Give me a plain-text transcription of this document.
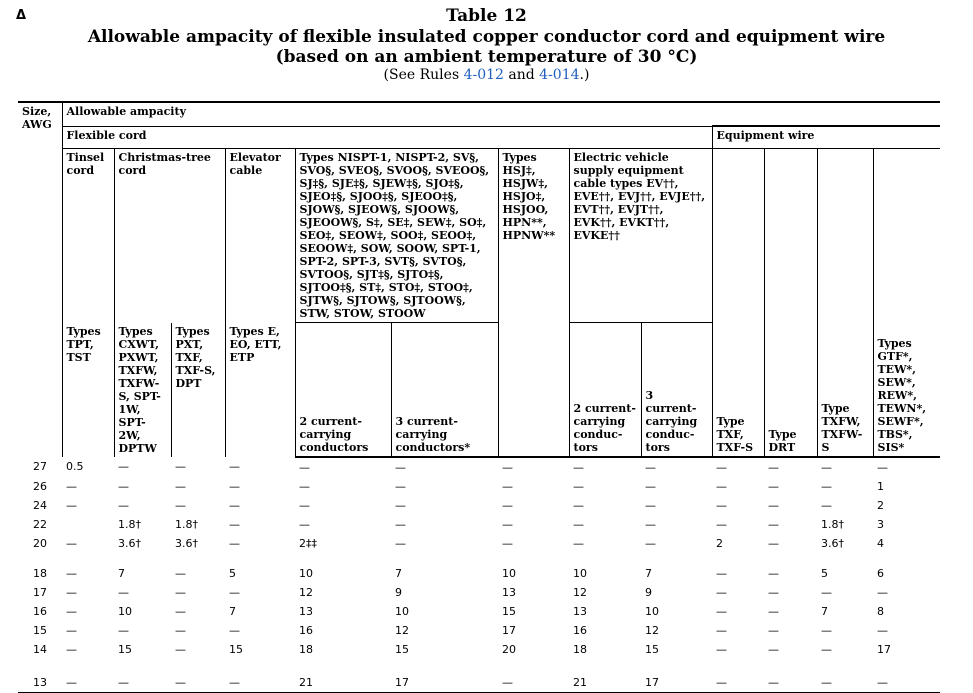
Δ	Table 12
Allowable ampacity of flexible insulated copper conductor cord and equipment wire
(based on an ambient temperature of 30 °C)
(See Rules 4-012 and 4-014.)
Size, AWG	Allowable ampacity												
	Flexible cord									Equipment wire			
	Tinsel cord	Christmas-tree cord		Elevator cable	Types NISPT-1, NISPT-2, SV§, SVO§, SVEO§, SVOO§, SVEOO§, SJ‡§, SJE‡§, SJEW‡§, SJO‡§, SJEO‡§, SJOO‡§, SJEOO‡§, SJOW§, SJEOW§, SJOOW§, SJEOOW§, S‡, SE‡, SEW‡, SO‡, SEO‡, SEOW‡, SOO‡, SEOO‡, SEOOW‡, SOW, SOOW, SPT-1, SPT-2, SPT-3, SVT§, SVTO§, SVTOO§, SJT‡§, SJTO‡§, SJTOO‡§, ST‡, STO‡, STOO‡, SJTW§, SJTOW§, SJTOOW§, STW, STOW, STOOW		Types HSJ‡, HSJW‡, HSJO‡, HSJOO, HPN**, HPNW**	Electric vehicle supply equipment cable types EV††, EVE††, EVJ††, EVJE††, EVT††, EVJT††, EVK††, EVKT††, EVKE††		Type TXF, TXF-S	Type DRT	Type TXFW, TXFW-S	Types GTF*, TEW*, SEW*, REW*, TEWN*, SEWF*, TBS*, SIS*
	Types TPT, TST	Types CXWT, PXWT, TXFW, TXFW-S, SPT-1W, SPT-2W, DPTW	Types PXT, TXF, TXF-S, DPT	Types E, EO, ETT, ETP	2 current-carrying conductors	3 current-carrying conductors*		2 current-carrying conduc-tors	3 current-carrying conduc-tors				

27	0.5	—	—	—	—	—	—	—	—	—	—	—	—
26	—	—	—	—	—	—	—	—	—	—	—	—	1
24	—	—	—	—	—	—	—	—	—	—	—	—	2
22		1.8†	1.8†	—	—	—	—	—	—	—	—	1.8†	3
20	—	3.6†	3.6†	—	2‡‡	—	—	—	—	2	—	3.6†	4
18	—	7	—	5	10	7	10	10	7	—	—	5	6
17	—	—	—	—	12	9	13	12	9	—	—	—	—
16	—	10	—	7	13	10	15	13	10	—	—	7	8
15	—	—	—	—	16	12	17	16	12	—	—	—	—
14	—	15	—	15	18	15	20	18	15	—	—	—	17
13	—	—	—	—	21	17	—	21	17	—	—	—	—
